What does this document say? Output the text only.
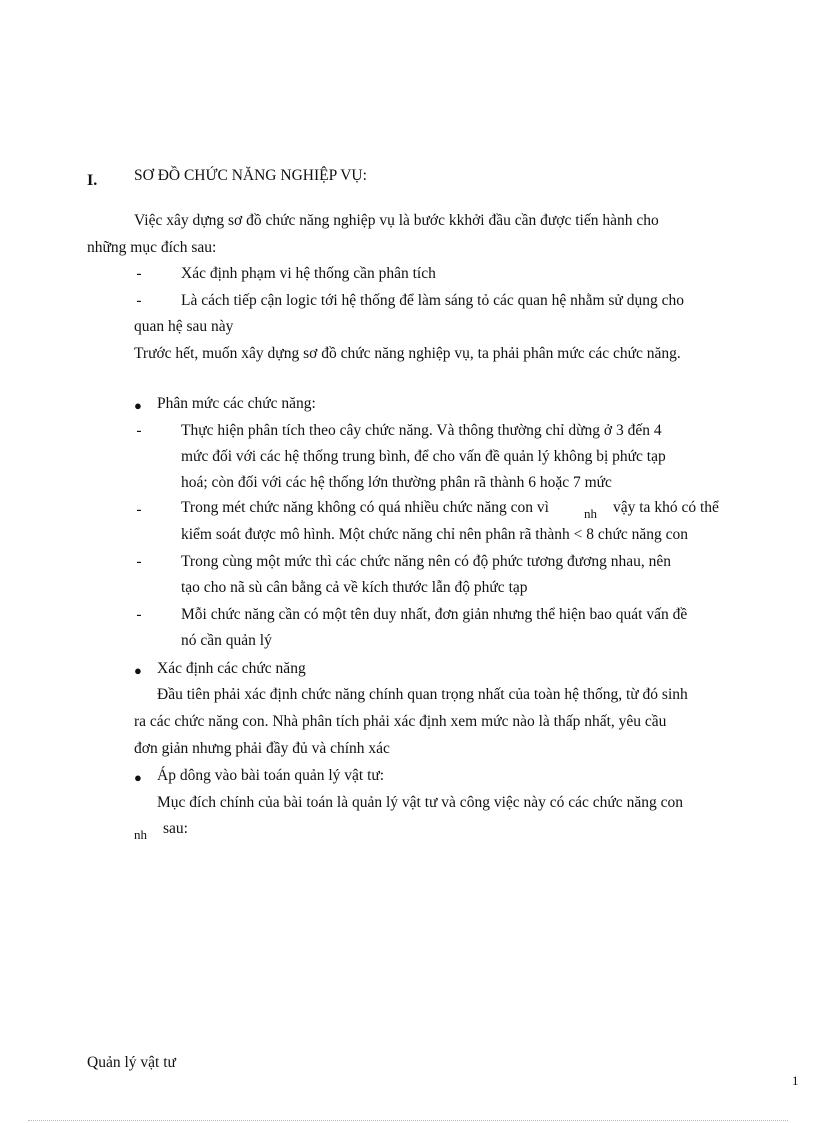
I. SƠ ĐỒ CHỨC NĂNG NGHIỆP VỤ:
Việc xây dựng sơ đồ chức năng nghiệp vụ là bước kkhởi đầu cần được tiến hành cho
những mục đích sau:
-	Xác định phạm vi hệ thống cần phân tích
-	Là cách tiếp cận logic tới hệ thống để làm sáng tỏ các quan hệ nhằm sử dụng cho
quan hệ sau này
Trước hết, muốn xây dựng sơ đồ chức năng nghiệp vụ, ta phải phân mức các chức năng.
● Phân mức các chức năng:
-	Thực hiện phân tích theo cây chức năng. Và thông thường chỉ dừng ở 3 đến 4
mức đối với các hệ thống trung bình, để cho vấn đề quản lý không bị phức tạp
hoá; còn đối với các hệ thống lớn thường phân rã thành 6 hoặc 7 mức
-	Trong mét chức năng không có quá nhiều chức năng con vì	nh vậy ta khó có thể
kiểm soát được mô hình. Một chức năng chỉ nên phân rã thành < 8 chức năng con
-	Trong cùng một mức thì các chức năng nên có độ phức tương đương nhau, nên
tạo cho nã sù cân bằng cả về kích thước lẫn độ phức tạp
-	Mỗi chức năng cần có một tên duy nhất, đơn giản nhưng thể hiện bao quát vấn đề
nó cần quản lý
● Xác định các chức năng
Đầu tiên phải xác định chức năng chính quan trọng nhất của toàn hệ thống, từ đó sinh
ra các chức năng con. Nhà phân tích phải xác định xem mức nào là thấp nhất, yêu cầu
đơn giản nhưng phải đầy đủ và chính xác
● Áp dông vào bài toán quản lý vật tư:
Mục đích chính của bài toán là quản lý vật tư và công việc này có các chức năng con
nh sau:
Quản lý vật tư
1
